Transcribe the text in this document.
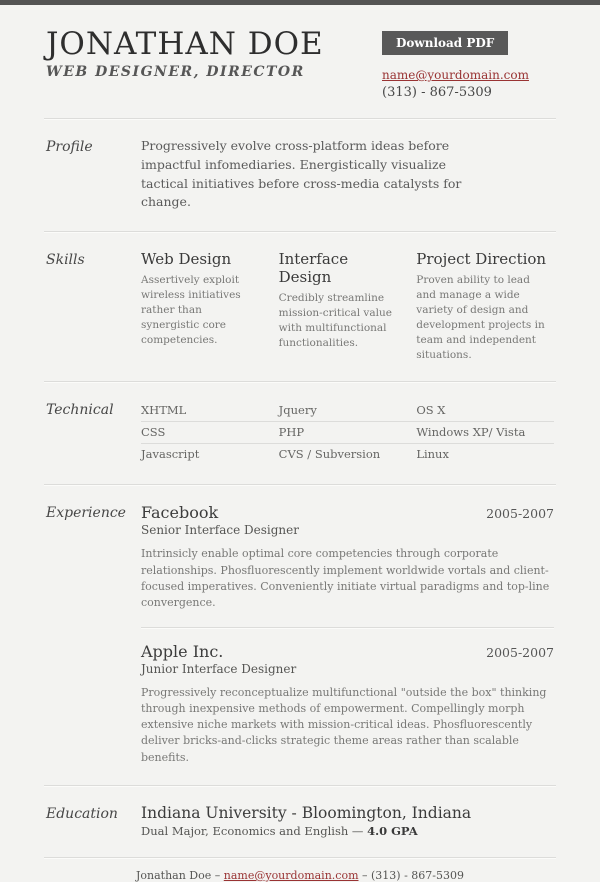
JONATHAN DOE
WEB DESIGNER, DIRECTOR
Download PDF
name@yourdomain.com
(313) - 867-5309
Profile	Progressively evolve cross-platform ideas before impactful infomediaries. Energistically visualize tactical initiatives before cross-media catalysts for change.

Skills	Web Design

Assertively exploit wireless initiatives rather than synergistic core competencies.

Interface Design

Credibly streamline mission-critical value with multifunctional functionalities.

Project Direction

Proven ability to lead and manage a wide variety of design and development projects in team and independent situations.

Technical	XHTML	Jquery	OS X
CSS	PHP	Windows XP/ Vista
Javascript	CVS / Subversion	Linux
Experience Facebook	2005-2007
Senior Interface Designer

Intrinsicly enable optimal core competencies through corporate relationships. Phosfluorescently implement worldwide vortals and client-focused imperatives. Conveniently initiate virtual paradigms and top-line convergence.

Apple Inc.	2005-2007
Junior Interface Designer

Progressively reconceptualize multifunctional "outside the box" thinking through inexpensive methods of empowerment. Compellingly morph extensive niche markets with mission-critical ideas. Phosfluorescently deliver bricks-and-clicks strategic theme areas rather than scalable benefits.

Education	Indiana University - Bloomington, Indiana

Dual Major, Economics and English — 4.0 GPA

Jonathan Doe – name@yourdomain.com – (313) - 867-5309
